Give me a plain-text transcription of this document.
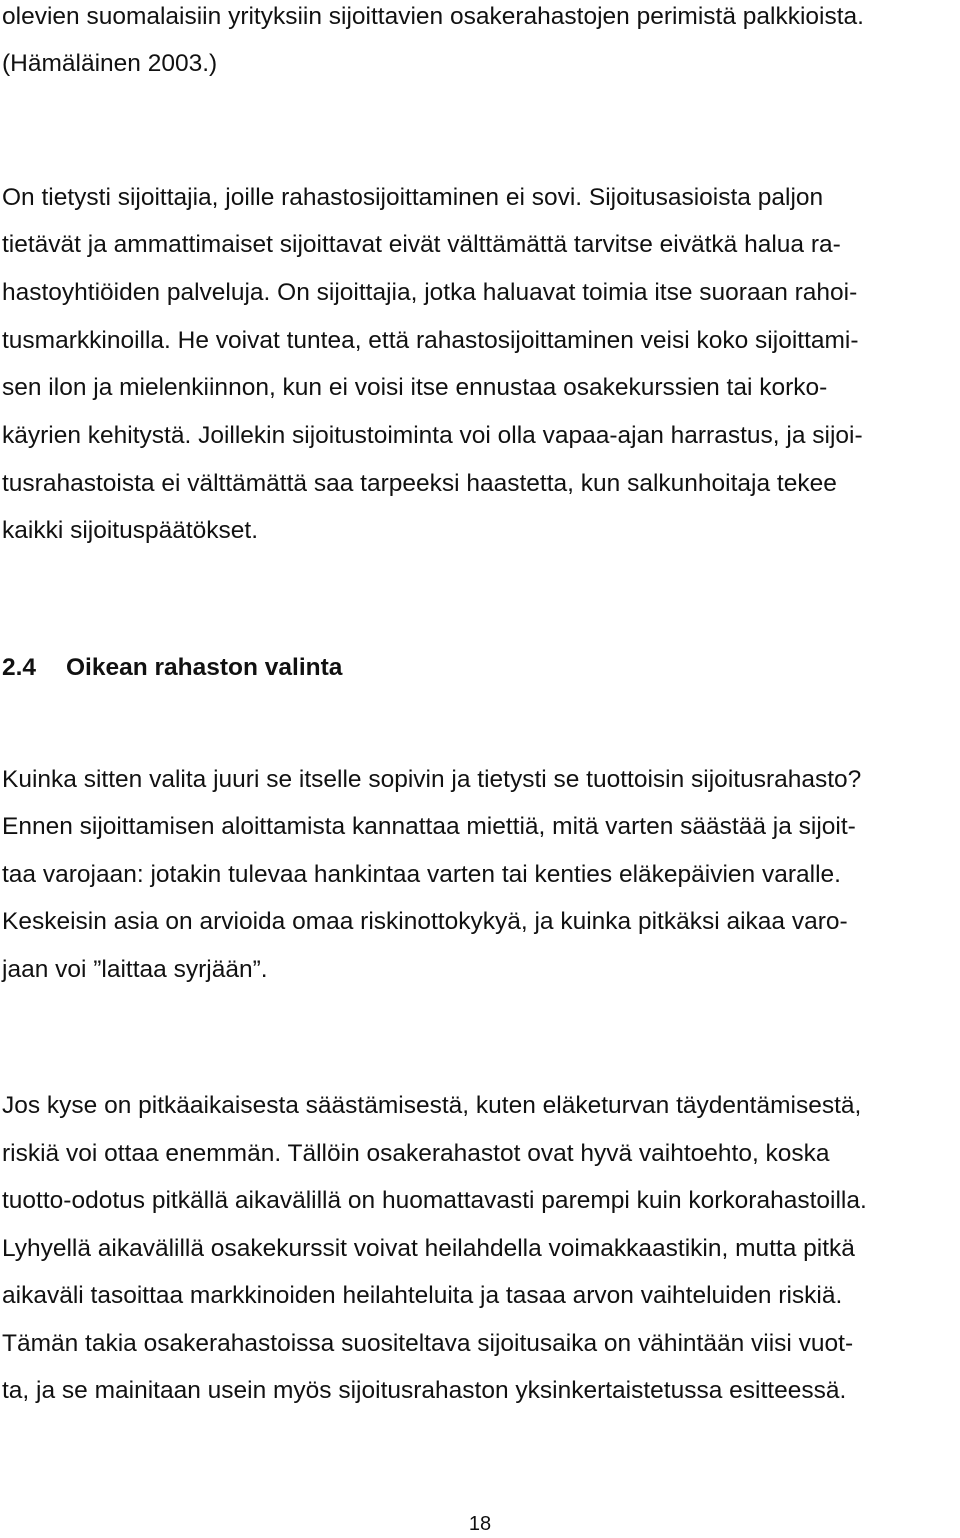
olevien suomalaisiin yrityksiin sijoittavien osakerahastojen perimistä palkkioista.
(Hämäläinen 2003.)
On tietysti sijoittajia, joille rahastosijoittaminen ei sovi. Sijoitusasioista paljon
tietävät ja ammattimaiset sijoittavat eivät välttämättä tarvitse eivätkä halua ra-
hastoyhtiöiden palveluja. On sijoittajia, jotka haluavat toimia itse suoraan rahoi-
tusmarkkinoilla. He voivat tuntea, että rahastosijoittaminen veisi koko sijoittami-
sen ilon ja mielenkiinnon, kun ei voisi itse ennustaa osakekurssien tai korko-
käyrien kehitystä. Joillekin sijoitustoiminta voi olla vapaa-ajan harrastus, ja sijoi-
tusrahastoista ei välttämättä saa tarpeeksi haastetta, kun salkunhoitaja tekee
kaikki sijoituspäätökset.
2.4 Oikean rahaston valinta
Kuinka sitten valita juuri se itselle sopivin ja tietysti se tuottoisin sijoitusrahasto?
Ennen sijoittamisen aloittamista kannattaa miettiä, mitä varten säästää ja sijoit-
taa varojaan: jotakin tulevaa hankintaa varten tai kenties eläkepäivien varalle.
Keskeisin asia on arvioida omaa riskinottokykyä, ja kuinka pitkäksi aikaa varo-
jaan voi ”laittaa syrjään”.
Jos kyse on pitkäaikaisesta säästämisestä, kuten eläketurvan täydentämisestä,
riskiä voi ottaa enemmän. Tällöin osakerahastot ovat hyvä vaihtoehto, koska
tuotto-odotus pitkällä aikavälillä on huomattavasti parempi kuin korkorahastoilla.
Lyhyellä aikavälillä osakekurssit voivat heilahdella voimakkaastikin, mutta pitkä
aikaväli tasoittaa markkinoiden heilahteluita ja tasaa arvon vaihteluiden riskiä.
Tämän takia osakerahastoissa suositeltava sijoitusaika on vähintään viisi vuot-
ta, ja se mainitaan usein myös sijoitusrahaston yksinkertaistetussa esitteessä.
18
